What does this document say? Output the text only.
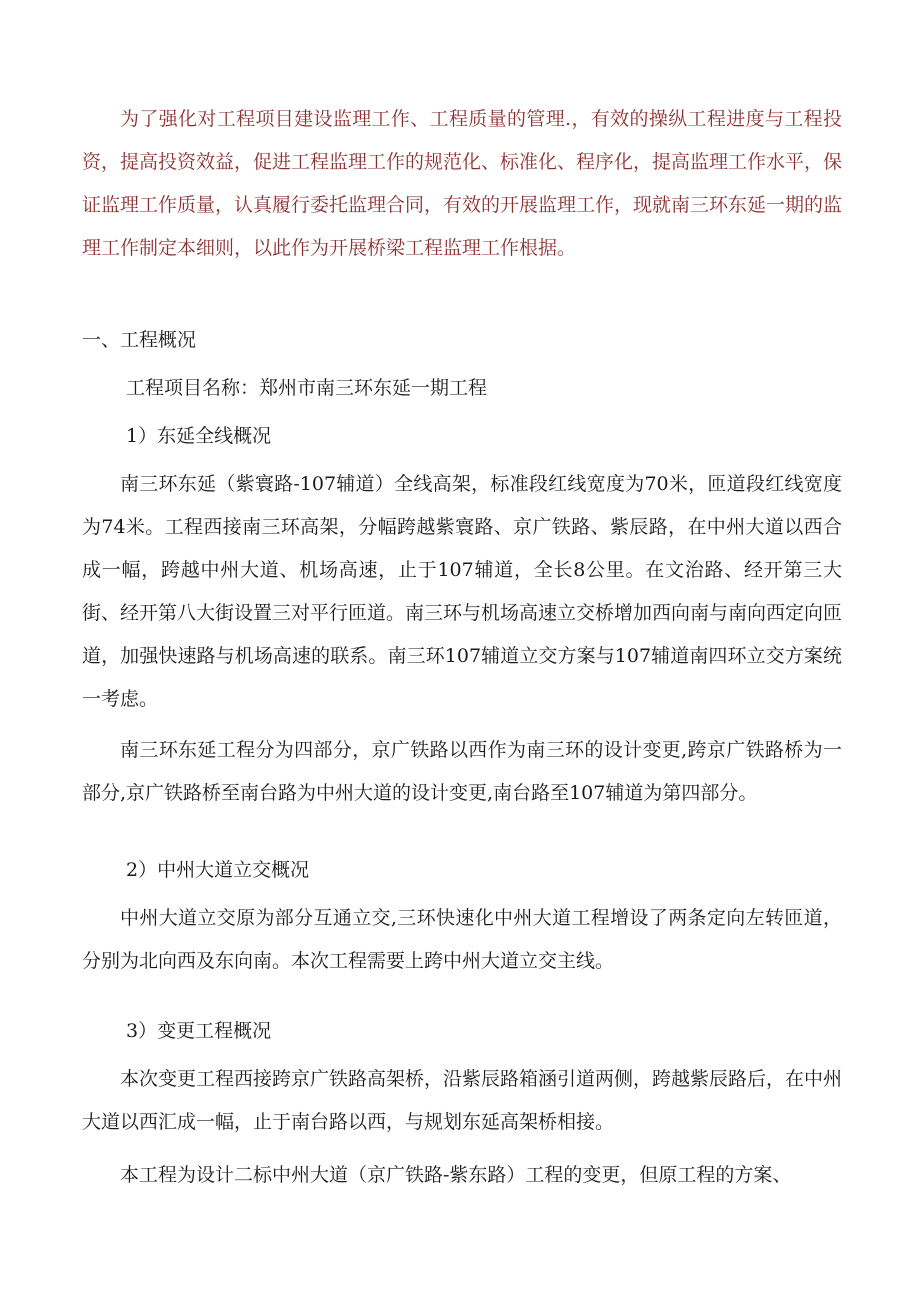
为了强化对工程项目建设监理工作、工程质量的管理.，有效的操纵工程进度与工程投资，提高投资效益，促进工程监理工作的规范化、标准化、程序化，提高监理工作水平，保证监理工作质量，认真履行委托监理合同，有效的开展监理工作，现就南三环东延一期的监理工作制定本细则，以此作为开展桥梁工程监理工作根据。

一、工程概况

工程项目名称：郑州市南三环东延一期工程

1）东延全线概况

南三环东延（紫寰路-107辅道）全线高架，标准段红线宽度为70米，匝道段红线宽度为74米。工程西接南三环高架，分幅跨越紫寰路、京广铁路、紫辰路，在中州大道以西合成一幅，跨越中州大道、机场高速，止于107辅道，全长8公里。在文治路、经开第三大街、经开第八大街设置三对平行匝道。南三环与机场高速立交桥增加西向南与南向西定向匝道，加强快速路与机场高速的联系。南三环107辅道立交方案与107辅道南四环立交方案统一考虑。

南三环东延工程分为四部分，京广铁路以西作为南三环的设计变更,跨京广铁路桥为一部分,京广铁路桥至南台路为中州大道的设计变更,南台路至107辅道为第四部分。

2）中州大道立交概况

中州大道立交原为部分互通立交,三环快速化中州大道工程增设了两条定向左转匝道，分别为北向西及东向南。本次工程需要上跨中州大道立交主线。

3）变更工程概况

本次变更工程西接跨京广铁路高架桥，沿紫辰路箱涵引道两侧，跨越紫辰路后，在中州大道以西汇成一幅，止于南台路以西，与规划东延高架桥相接。

本工程为设计二标中州大道（京广铁路-紫东路）工程的变更，但原工程的方案、
